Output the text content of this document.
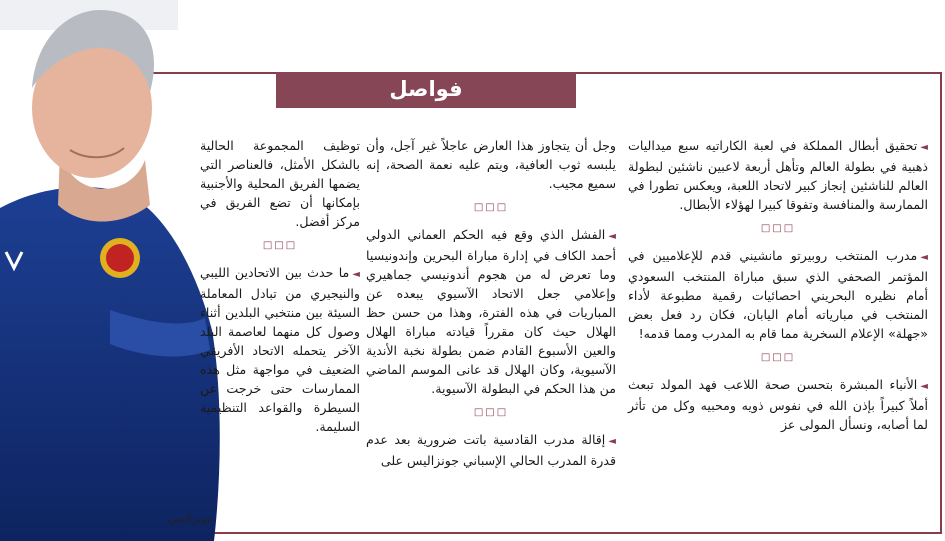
فواصل

◄تحقيق أبطال المملكة في لعبة الكاراتيه سبع ميداليات ذهبية في بطولة العالم وتأهل أربعة لاعبين ناشئين لبطولة العالم للناشئين إنجاز كبير لاتحاد اللعبة، ويعكس تطورا في الممارسة والمنافسة وتفوقا كبيرا لهؤلاء الأبطال.

□□□

◄مدرب المنتخب روبيرتو مانشيني قدم للإعلاميين في المؤتمر الصحفي الذي سبق مباراة المنتخب السعودي أمام نظيره البحريني احصائيات رقمية مطبوعة لأداء المنتخب في مبارياته أمام اليابان، فكان رد فعل بعض «جهلة» الإعلام السخرية مما قام به المدرب ومما قدمه!

□□□

◄الأنباء المبشرة بتحسن صحة اللاعب فهد المولد تبعث أملاً كبيراً بإذن الله في نفوس ذويه ومحبيه وكل من تأثر لما أصابه، ونسأل المولى عز

وجل أن يتجاوز هذا العارض عاجلاً غير آجل، وأن يلبسه ثوب العافية، ويتم عليه نعمة الصحة، إنه سميع مجيب.

□□□

◄الفشل الذي وقع فيه الحكم العماني الدولي أحمد الكاف في إدارة مباراة البحرين وإندونيسيا وما تعرض له من هجوم أندونيسي جماهيري وإعلامي جعل الاتحاد الآسيوي يبعده عن المباريات في هذه الفترة، وهذا من حسن حظ الهلال حيث كان مقرراً قيادته مباراة الهلال والعين الأسبوع القادم ضمن بطولة نخبة الأندية الآسيوية، وكان الهلال قد عانى الموسم الماضي من هذا الحكم في البطولة الآسيوية.

□□□

◄إقالة مدرب القادسية باتت ضرورية بعد عدم قدرة المدرب الحالي الإسباني جونزاليس على

توظيف المجموعة الحالية بالشكل الأمثل، فالعناصر التي يضمها الفريق المحلية والأجنبية بإمكانها أن تضع الفريق في مركز أفضل.

□□□

◄ما حدث بين الاتحادين الليبي والنيجيري من تبادل المعاملة السيئة بين منتخبي البلدين أثناء وصول كل منهما لعاصمة البلد الآخر يتحمله الاتحاد الأفريقي الضعيف في مواجهة مثل هذه الممارسات حتى خرجت عن السيطرة والقواعد التنظيمية السليمة.

جونزاليس
